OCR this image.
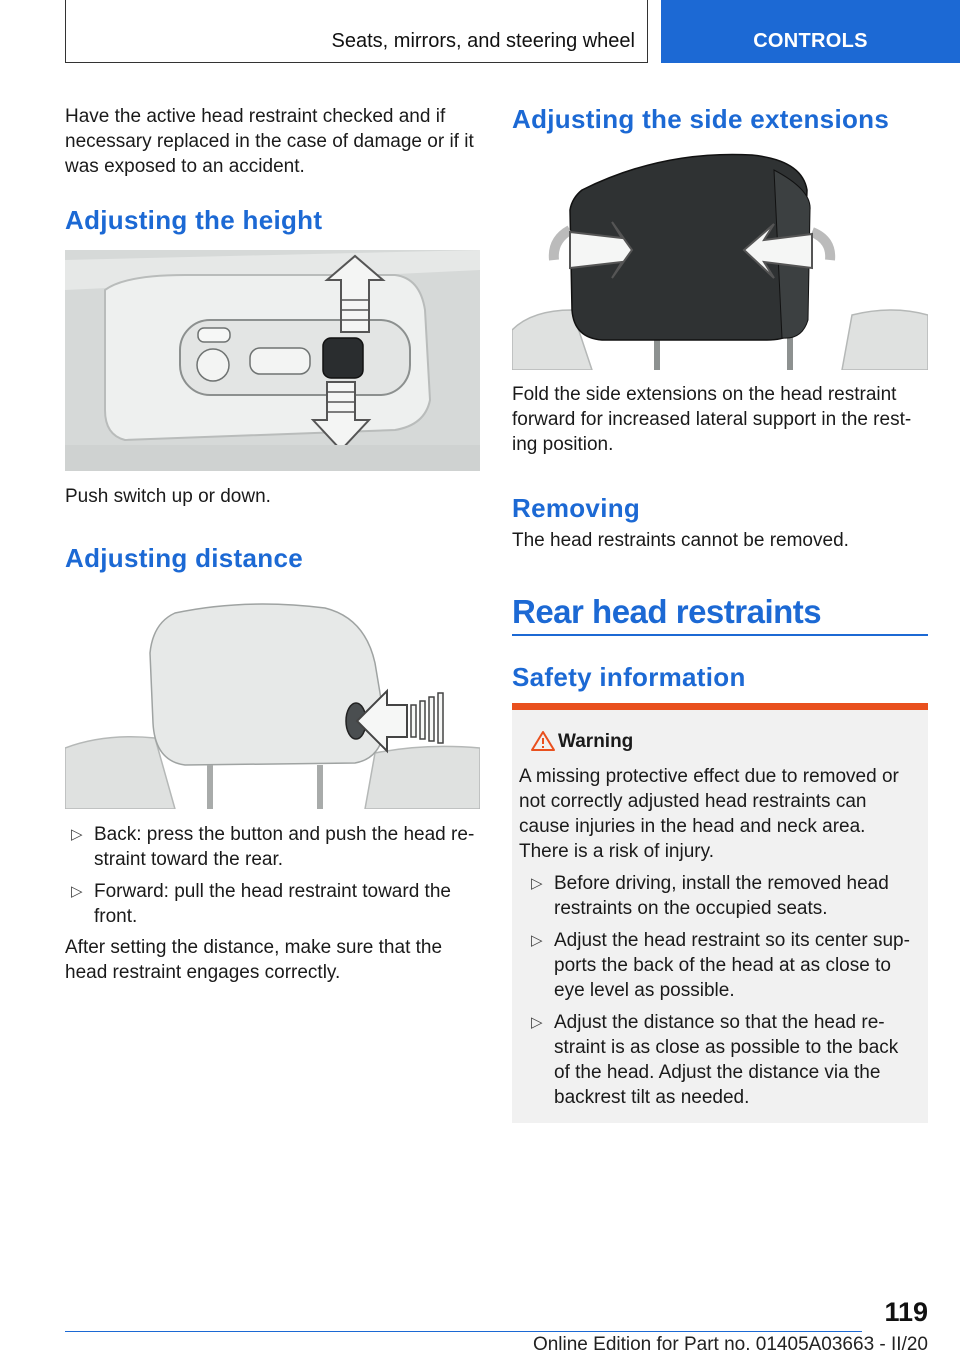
Seats, mirrors, and steering wheel	CONTROLS

Have the active head restraint checked and if necessary replaced in the case of damage or if it was exposed to an accident.

Adjusting the height

Push switch up or down.

Adjusting distance
▷ Back: press the button and push the head restraint toward the rear.
▷ Forward: pull the head restraint toward the front.

After setting the distance, make sure that the head restraint engages correctly.

Adjusting the side extensions

Fold the side extensions on the head restraint forward for increased lateral support in the resting position.

Removing

The head restraints cannot be removed.

Rear head restraints
Safety information
Warning

A missing protective effect due to removed or not correctly adjusted head restraints can cause injuries in the head and neck area. There is a risk of injury.

▷ Before driving, install the removed head restraints on the occupied seats.
▷ Adjust the head restraint so its center supports the back of the head at as close to eye level as possible.
▷ Adjust the distance so that the head restraint is as close as possible to the back of the head. Adjust the distance via the backrest tilt as needed.
119
Online Edition for Part no. 01405A03663 - II/20
